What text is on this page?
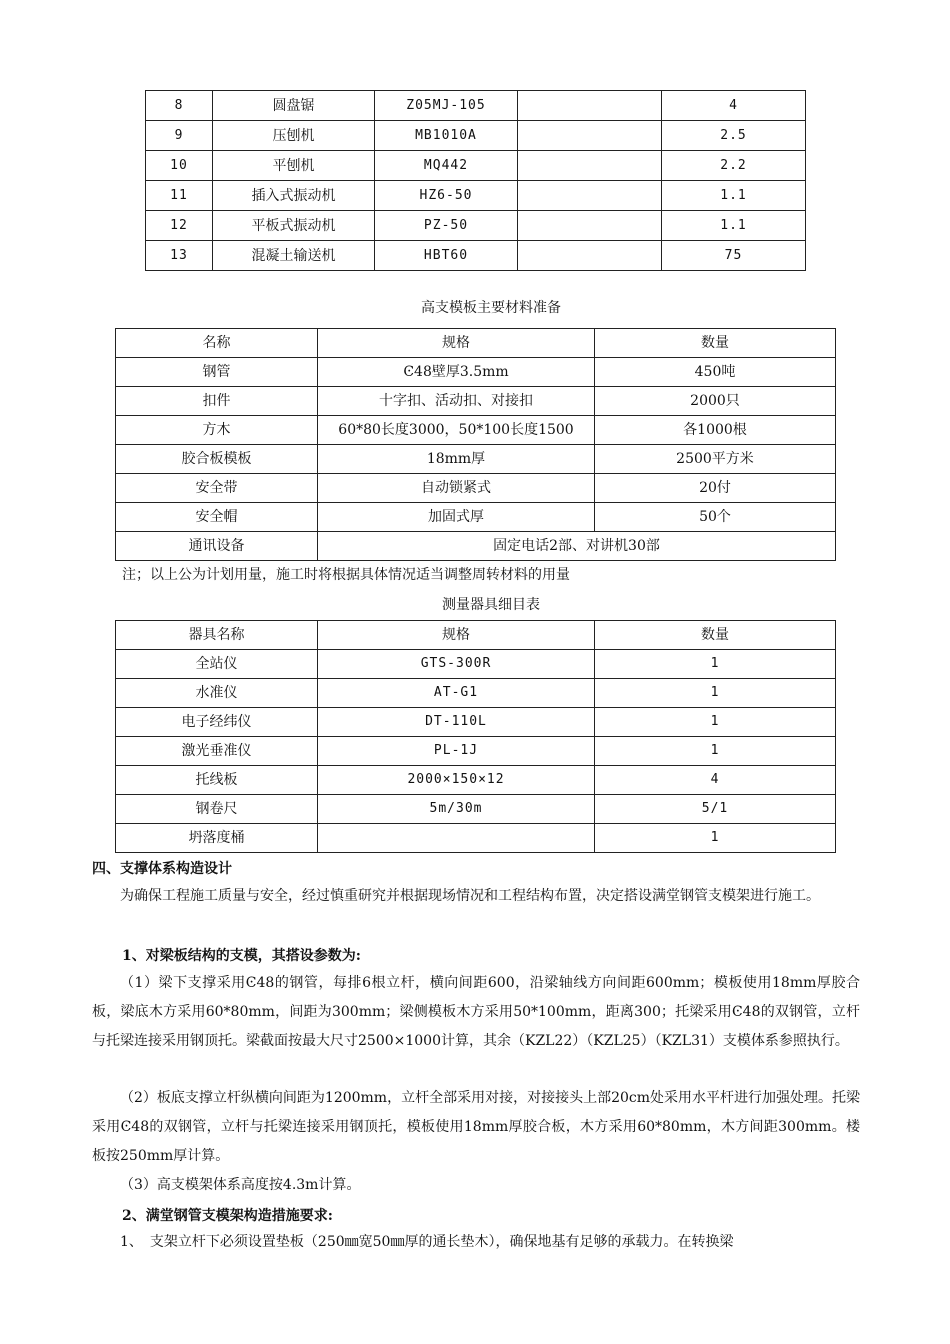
8	圆盘锯	Z05MJ-105		4
9	压刨机	MB1010A		2.5
10	平刨机	MQ442		2.2
11	插入式振动机	HZ6-50		1.1
12	平板式振动机	PZ-50		1.1
13	混凝土输送机	HBT60		75
高支模板主要材料准备
名称	规格	数量
钢管	Ͼ48壁厚3.5mm	450吨
扣件	十字扣、活动扣、对接扣	2000只
方木	60*80长度3000，50*100长度1500	各1000根
胶合板模板	18mm厚	2500平方米
安全带	自动锁紧式	20付
安全帽	加固式厚	50个
通讯设备	固定电话2部、对讲机30部	
注；以上公为计划用量，施工时将根据具体情况适当调整周转材料的用量
测量器具细目表
器具名称	规格	数量
全站仪	GTS-300R	1
水准仪	AT-G1	1
电子经纬仪	DT-110L	1
激光垂准仪	PL-1J	1
托线板	2000×150×12	4
钢卷尺	5m/30m	5/1
坍落度桶		1
四、支撑体系构造设计
为确保工程施工质量与安全，经过慎重研究并根据现场情况和工程结构布置，决定搭设满堂钢管支模架进行施工。
1、对梁板结构的支模，其搭设参数为:
（1）梁下支撑采用Ͼ48的钢管，每排6根立杆，横向间距600，沿梁轴线方向间距600mm；模板使用18mm厚胶合板，梁底木方采用60*80mm，间距为300mm；梁侧模板木方采用50*100mm，距离300；托梁采用Ͼ48的双钢管，立杆与托梁连接采用钢顶托。梁截面按最大尺寸2500×1000计算，其余（KZL22）（KZL25）（KZL31）支模体系参照执行。
（2）板底支撑立杆纵横向间距为1200mm，立杆全部采用对接，对接接头上部20cm处采用水平杆进行加强处理。托梁采用Ͼ48的双钢管，立杆与托梁连接采用钢顶托，模板使用18mm厚胶合板，木方采用60*80mm，木方间距300mm。楼板按250mm厚计算。
（3）高支模架体系高度按4.3m计算。
2、满堂钢管支模架构造措施要求:
1、　支架立杆下必须设置垫板（250㎜宽50㎜厚的通长垫木），确保地基有足够的承载力。在转换梁
